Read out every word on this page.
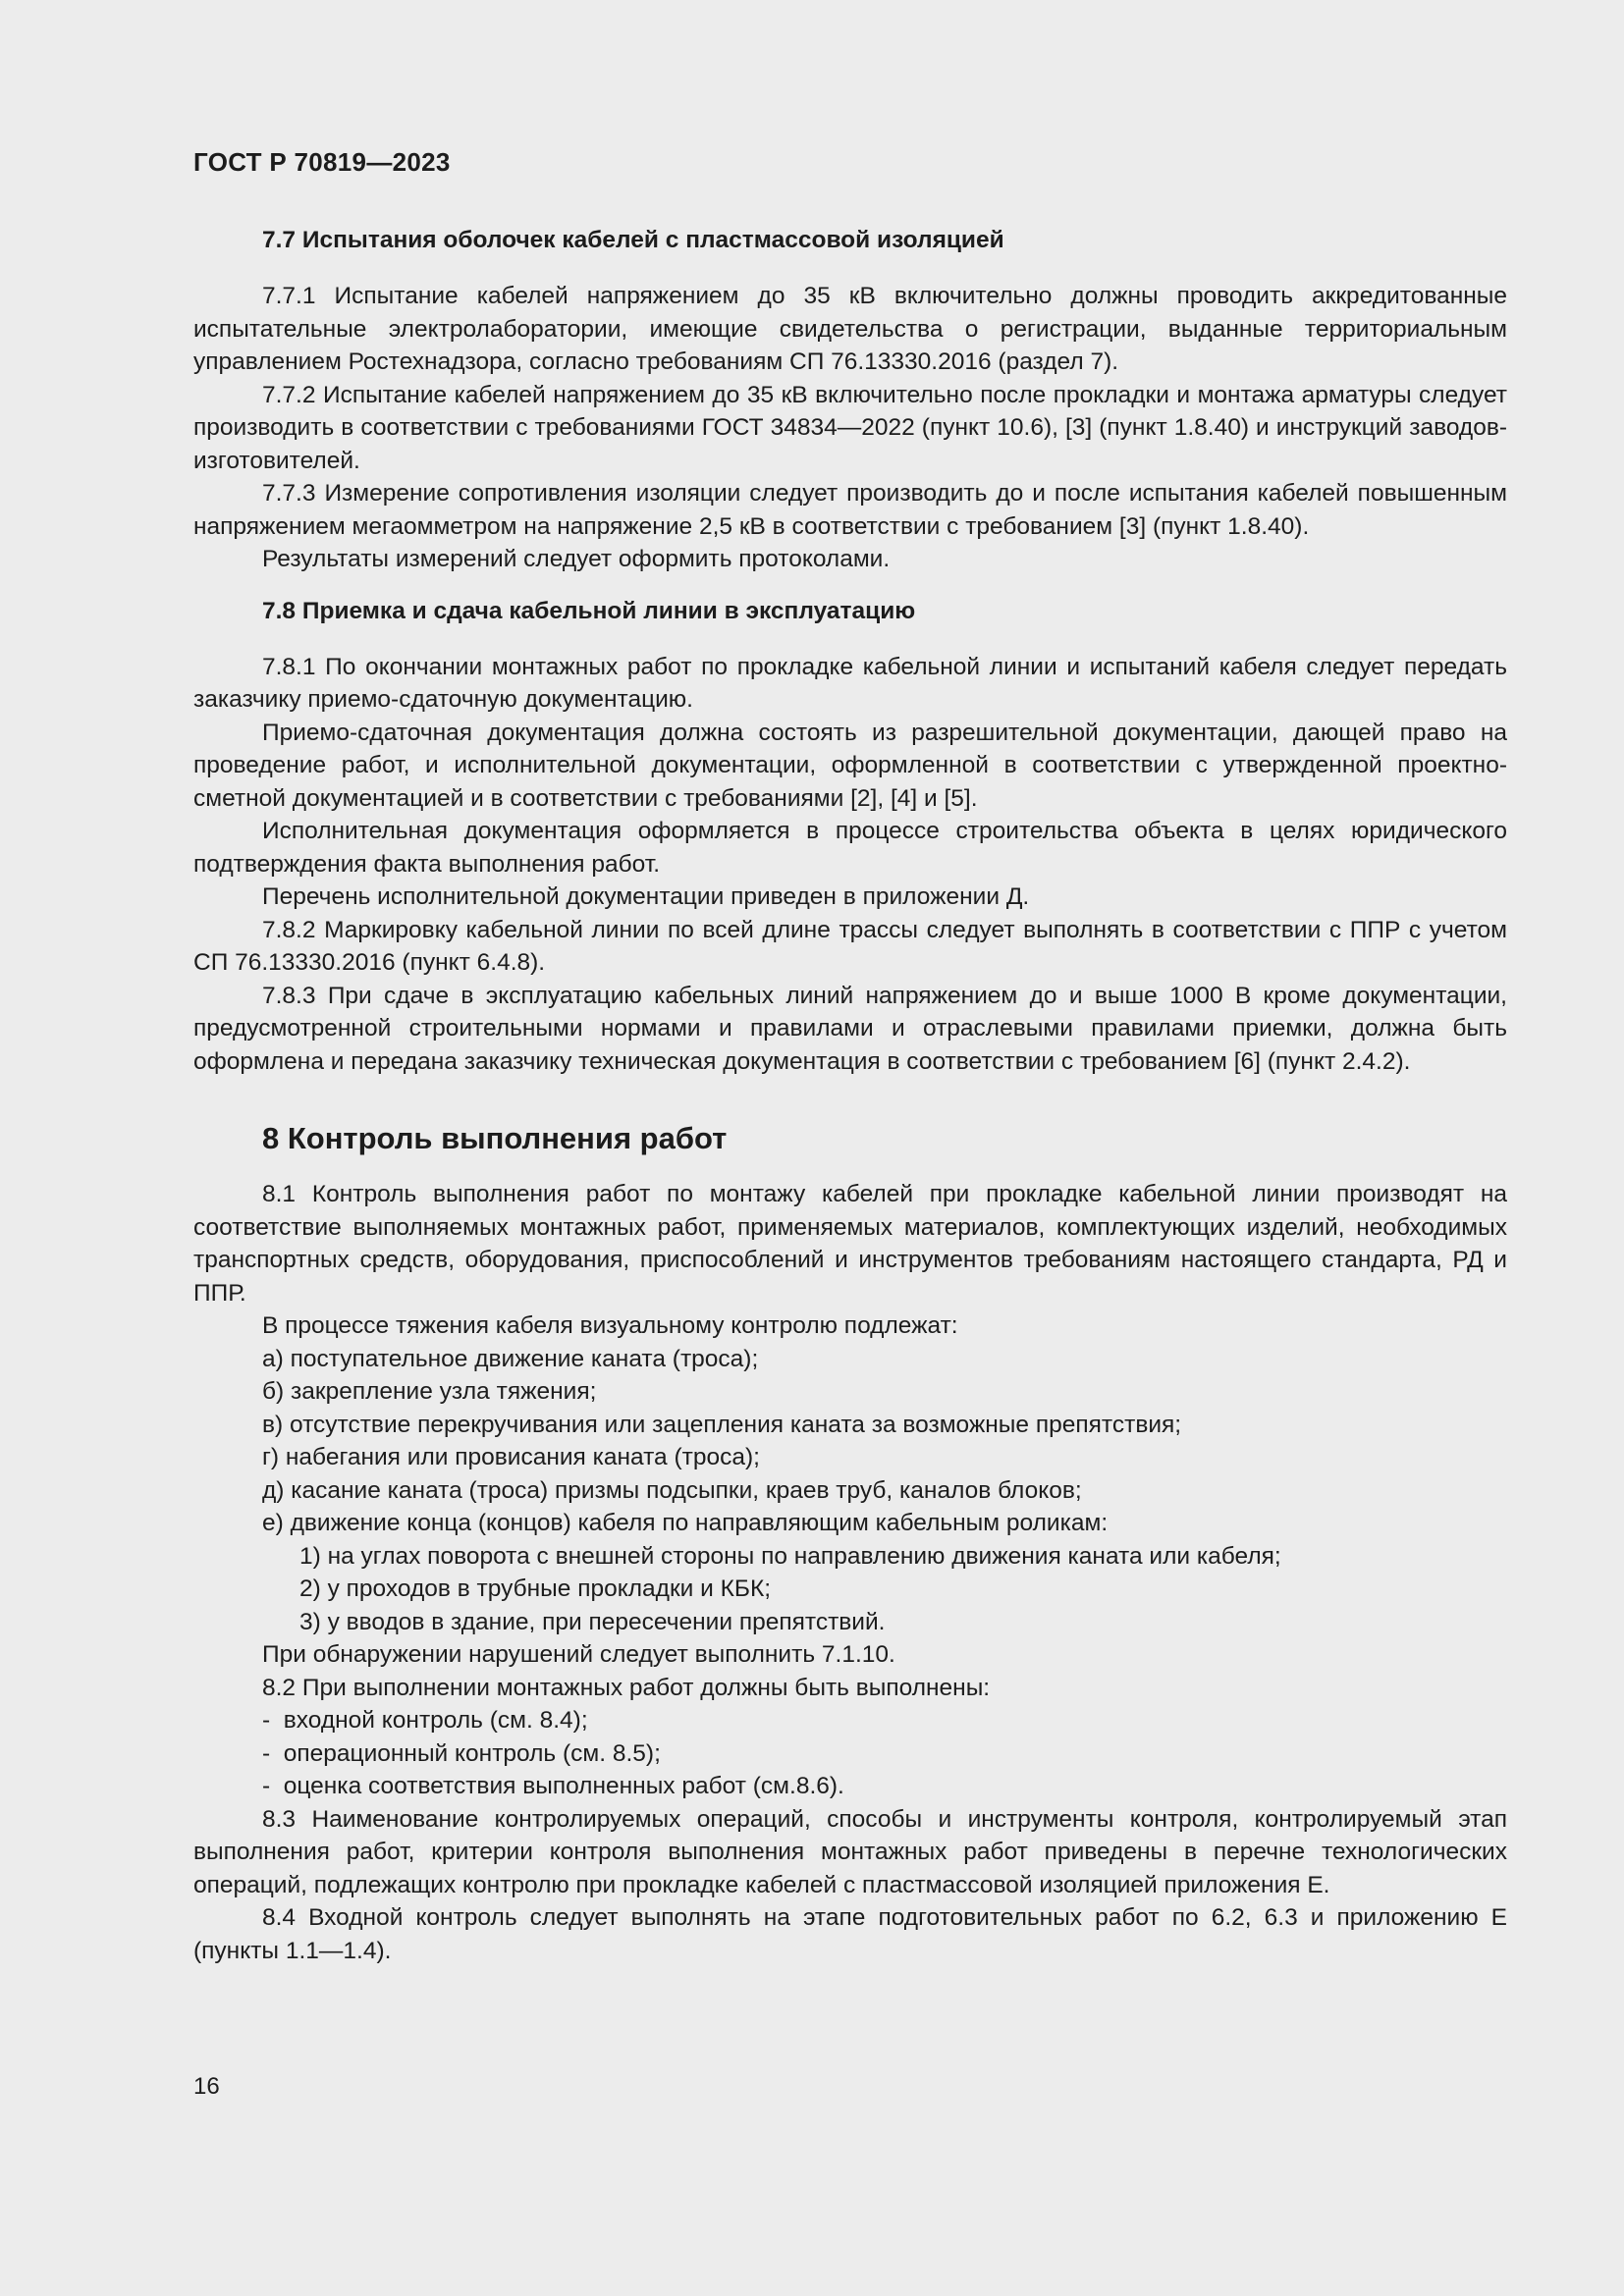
ГОСТ Р 70819—2023
7.7 Испытания оболочек кабелей с пластмассовой изоляцией

7.7.1 Испытание кабелей напряжением до 35 кВ включительно должны проводить аккредитованные испытательные электролаборатории, имеющие свидетельства о регистрации, выданные территориальным управлением Ростехнадзора, согласно требованиям СП 76.13330.2016 (раздел 7).

7.7.2 Испытание кабелей напряжением до 35 кВ включительно после прокладки и монтажа арматуры следует производить в соответствии с требованиями ГОСТ 34834—2022 (пункт 10.6), [3] (пункт 1.8.40) и инструкций заводов-изготовителей.

7.7.3 Измерение сопротивления изоляции следует производить до и после испытания кабелей повышенным напряжением мегаомметром на напряжение 2,5 кВ в соответствии с требованием [3] (пункт 1.8.40).

Результаты измерений следует оформить протоколами.

7.8 Приемка и сдача кабельной линии в эксплуатацию

7.8.1 По окончании монтажных работ по прокладке кабельной линии и испытаний кабеля следует передать заказчику приемо-сдаточную документацию.

Приемо-сдаточная документация должна состоять из разрешительной документации, дающей право на проведение работ, и исполнительной документации, оформленной в соответствии с утвержденной проектно-сметной документацией и в соответствии с требованиями [2], [4] и [5].

Исполнительная документация оформляется в процессе строительства объекта в целях юридического подтверждения факта выполнения работ.

Перечень исполнительной документации приведен в приложении Д.

7.8.2 Маркировку кабельной линии по всей длине трассы следует выполнять в соответствии с ППР с учетом СП 76.13330.2016 (пункт 6.4.8).

7.8.3 При сдаче в эксплуатацию кабельных линий напряжением до и выше 1000 В кроме документации, предусмотренной строительными нормами и правилами и отраслевыми правилами приемки, должна быть оформлена и передана заказчику техническая документация в соответствии с требованием [6] (пункт 2.4.2).

8 Контроль выполнения работ

8.1 Контроль выполнения работ по монтажу кабелей при прокладке кабельной линии производят на соответствие выполняемых монтажных работ, применяемых материалов, комплектующих изделий, необходимых транспортных средств, оборудования, приспособлений и инструментов требованиям настоящего стандарта, РД и ППР.

В процессе тяжения кабеля визуальному контролю подлежат:

а) поступательное движение каната (троса);
б) закрепление узла тяжения;
в) отсутствие перекручивания или зацепления каната за возможные препятствия;
г) набегания или провисания каната (троса);
д) касание каната (троса) призмы подсыпки, краев труб, каналов блоков;
е) движение конца (концов) кабеля по направляющим кабельным роликам:
1) на углах поворота с внешней стороны по направлению движения каната или кабеля;
2) у проходов в трубные прокладки и КБК;
3) у вводов в здание, при пересечении препятствий.

При обнаружении нарушений следует выполнить 7.1.10.

8.2 При выполнении монтажных работ должны быть выполнены:

-  входной контроль (см. 8.4);
-  операционный контроль (см. 8.5);
-  оценка соответствия выполненных работ (см.8.6).

8.3 Наименование контролируемых операций, способы и инструменты контроля, контролируемый этап выполнения работ, критерии контроля выполнения монтажных работ приведены в перечне технологических операций, подлежащих контролю при прокладке кабелей с пластмассовой изоляцией приложения Е.

8.4 Входной контроль следует выполнять на этапе подготовительных работ по 6.2, 6.3 и приложению Е (пункты 1.1—1.4).

16
